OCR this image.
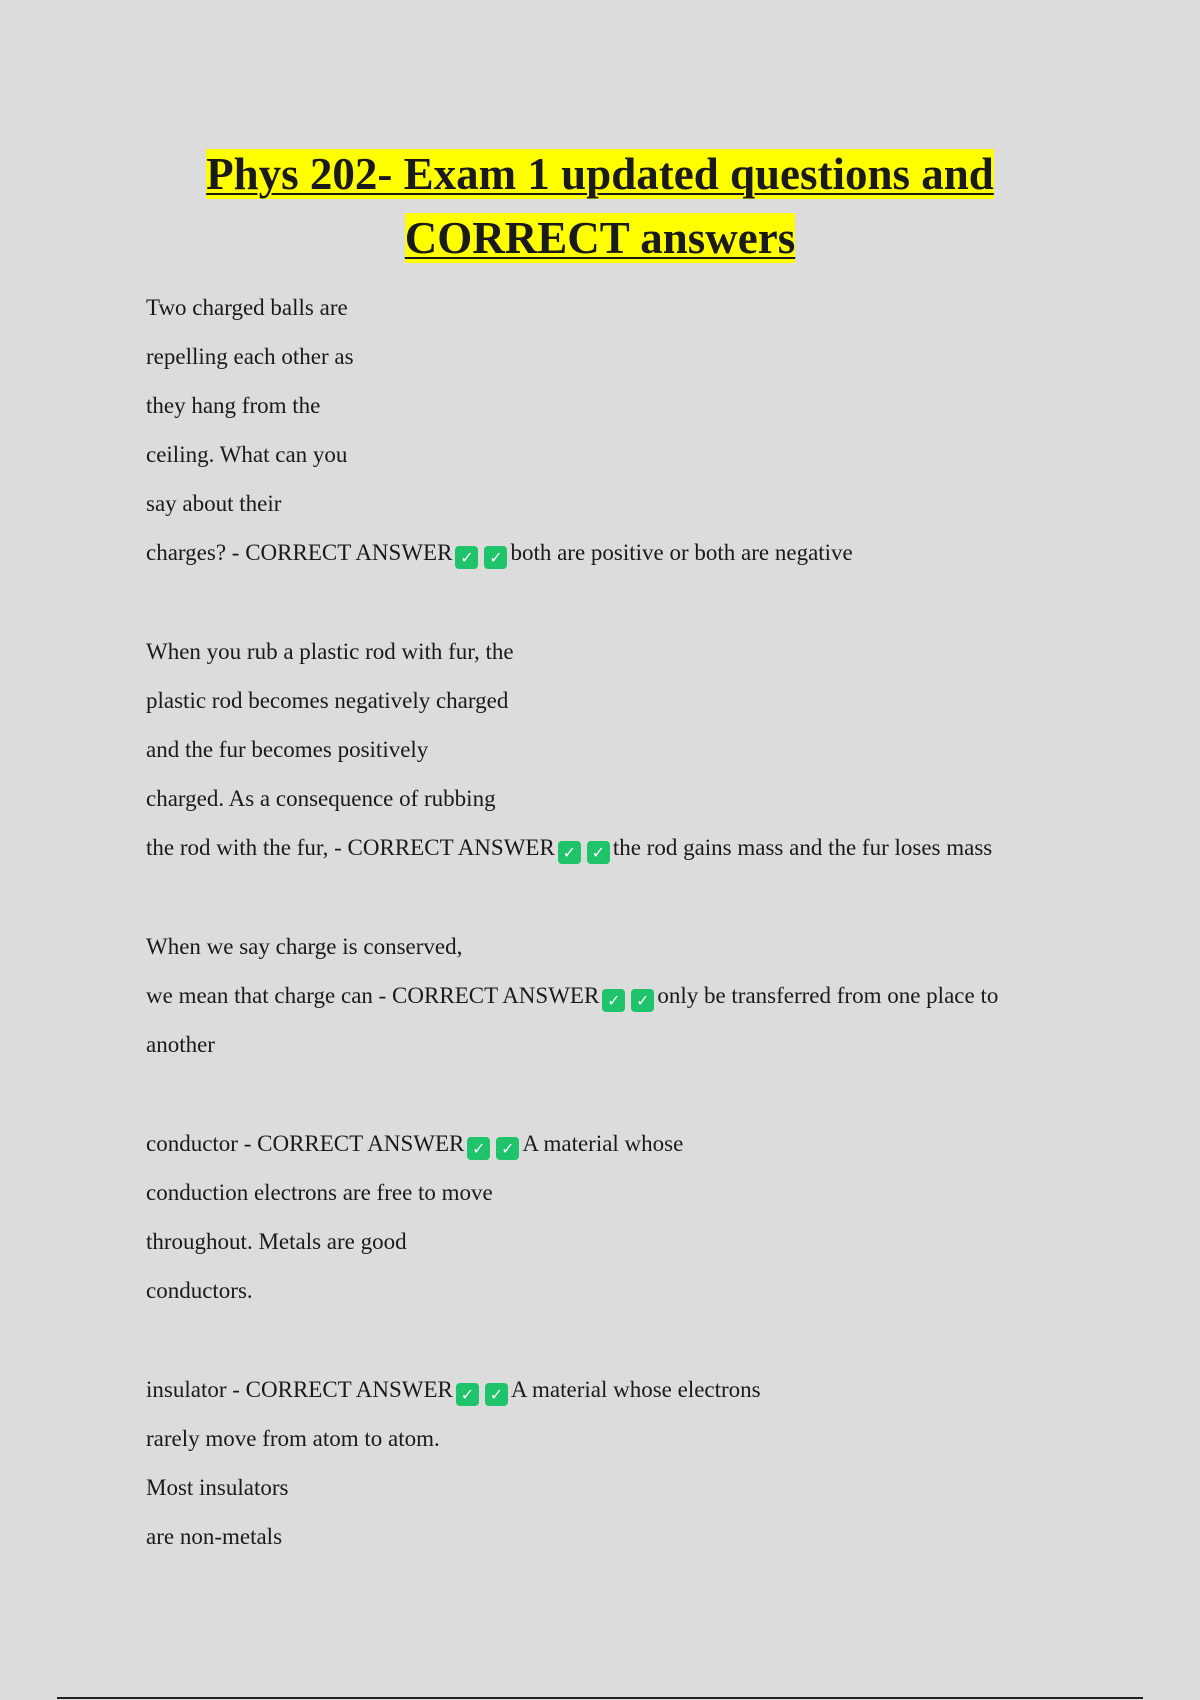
Phys 202- Exam 1 updated questions and
CORRECT answers
Two charged balls are
repelling each other as
they hang from the
ceiling. What can you
say about their
charges? - CORRECT ANSWER ✓ ✓ both are positive or both are negative
When you rub a plastic rod with fur, the
plastic rod becomes negatively charged
and the fur becomes positively
charged. As a consequence of rubbing
the rod with the fur, - CORRECT ANSWER ✓ ✓ the rod gains mass and the fur loses mass
When we say charge is conserved,
we mean that charge can - CORRECT ANSWER ✓ ✓ only be transferred from one place to
another
conductor - CORRECT ANSWER ✓ ✓ A material whose
conduction electrons are free to move
throughout. Metals are good
conductors.
insulator - CORRECT ANSWER ✓ ✓ A material whose electrons
rarely move from atom to atom.
Most insulators
are non-metals
